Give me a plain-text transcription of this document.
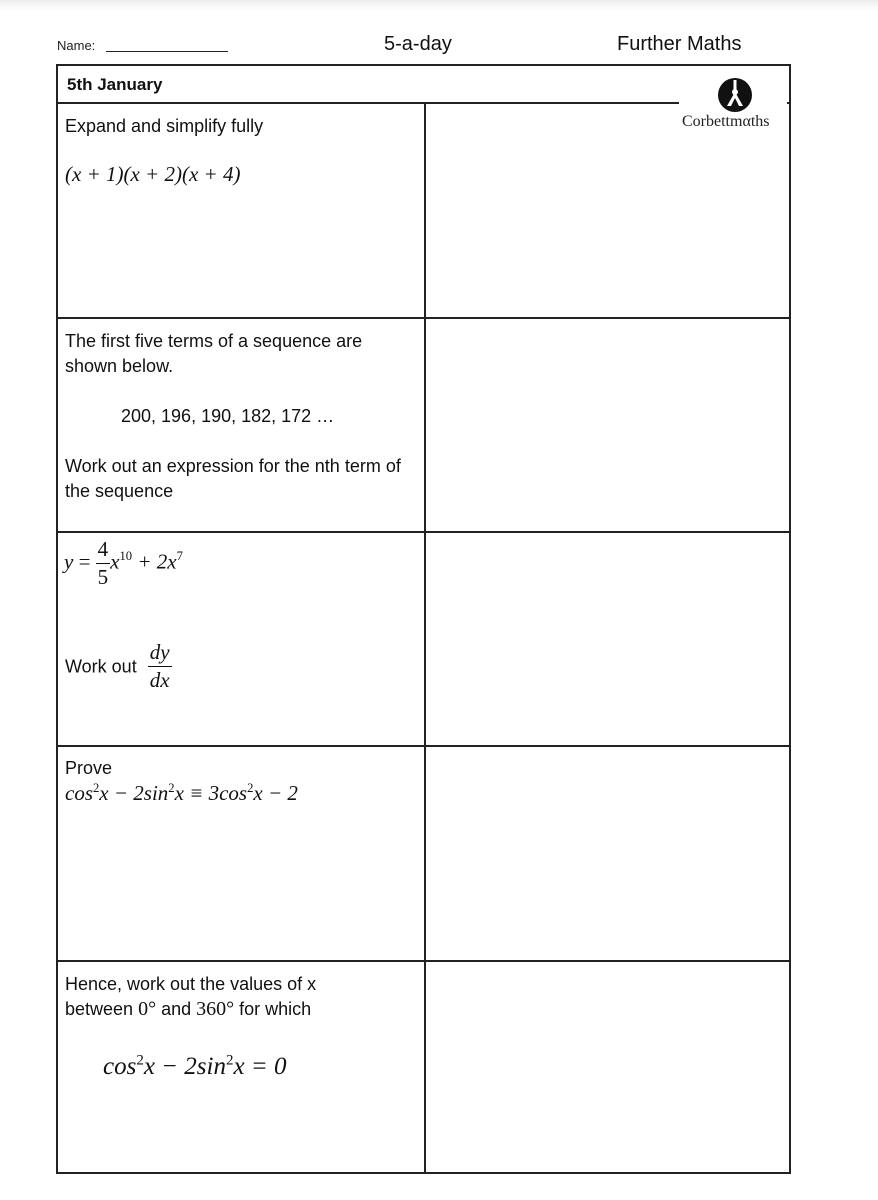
Name:	5-a-day	Further Maths
5th January
Corbettmαths
Expand and simplify fully
(x + 1)(x + 2)(x + 4)
The first five terms of a sequence are shown below.
200, 196, 190, 182, 172 …
Work out an expression for the nth term of the sequence
$y = \frac{4}{5} x^{10} + 2x^7$
Work out $\frac{dy}{dx}$
Prove
$\cos^2x - 2\sin^2x \equiv 3\cos^2x - 2$
Hence, work out the values of x
between 0° and 360° for which
$\cos^2x - 2\sin^2x = 0$
